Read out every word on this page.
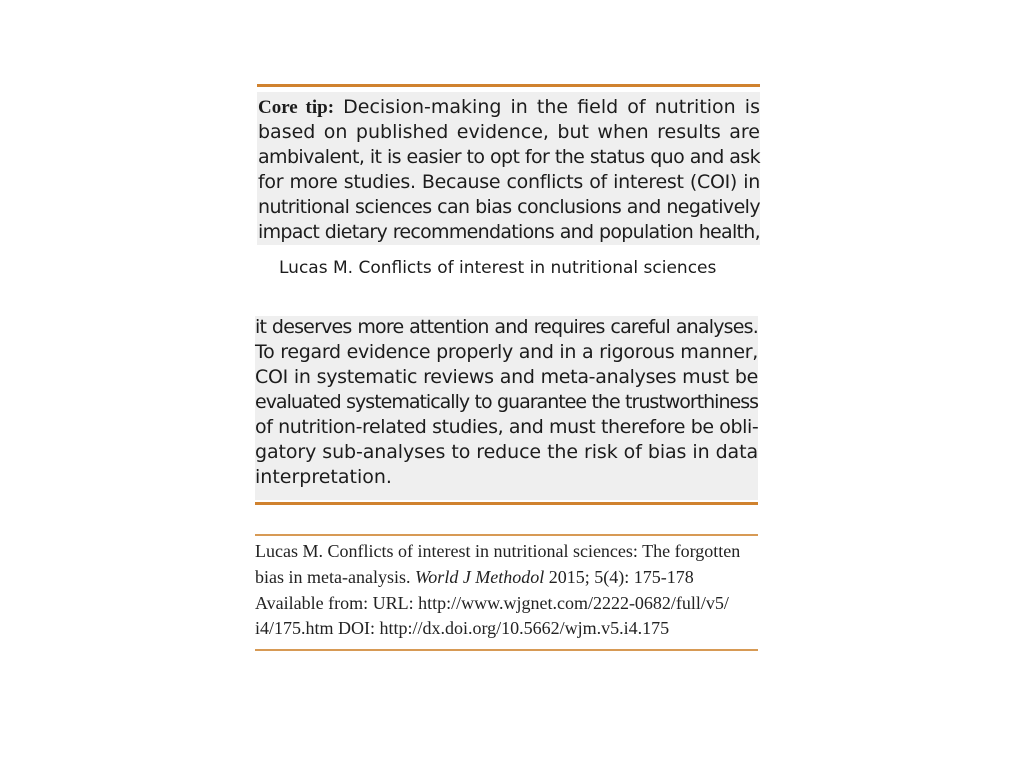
Core tip: Decision-making in the field of nutrition is
based on published evidence, but when results are
ambivalent, it is easier to opt for the status quo and ask
for more studies. Because conflicts of interest (COI) in
nutritional sciences can bias conclusions and negatively
impact dietary recommendations and population health,
Lucas M. Conflicts of interest in nutritional sciences
it deserves more attention and requires careful analyses.
To regard evidence properly and in a rigorous manner,
COI in systematic reviews and meta-analyses must be
evaluated systematically to guarantee the trustworthiness
of nutrition-related studies, and must therefore be obli-
gatory sub-analyses to reduce the risk of bias in data
interpretation.
Lucas M. Conflicts of interest in nutritional sciences: The forgotten
bias in meta-analysis. World J Methodol 2015; 5(4): 175-178
Available from: URL: http://www.wjgnet.com/2222-0682/full/v5/
i4/175.htm DOI: http://dx.doi.org/10.5662/wjm.v5.i4.175
